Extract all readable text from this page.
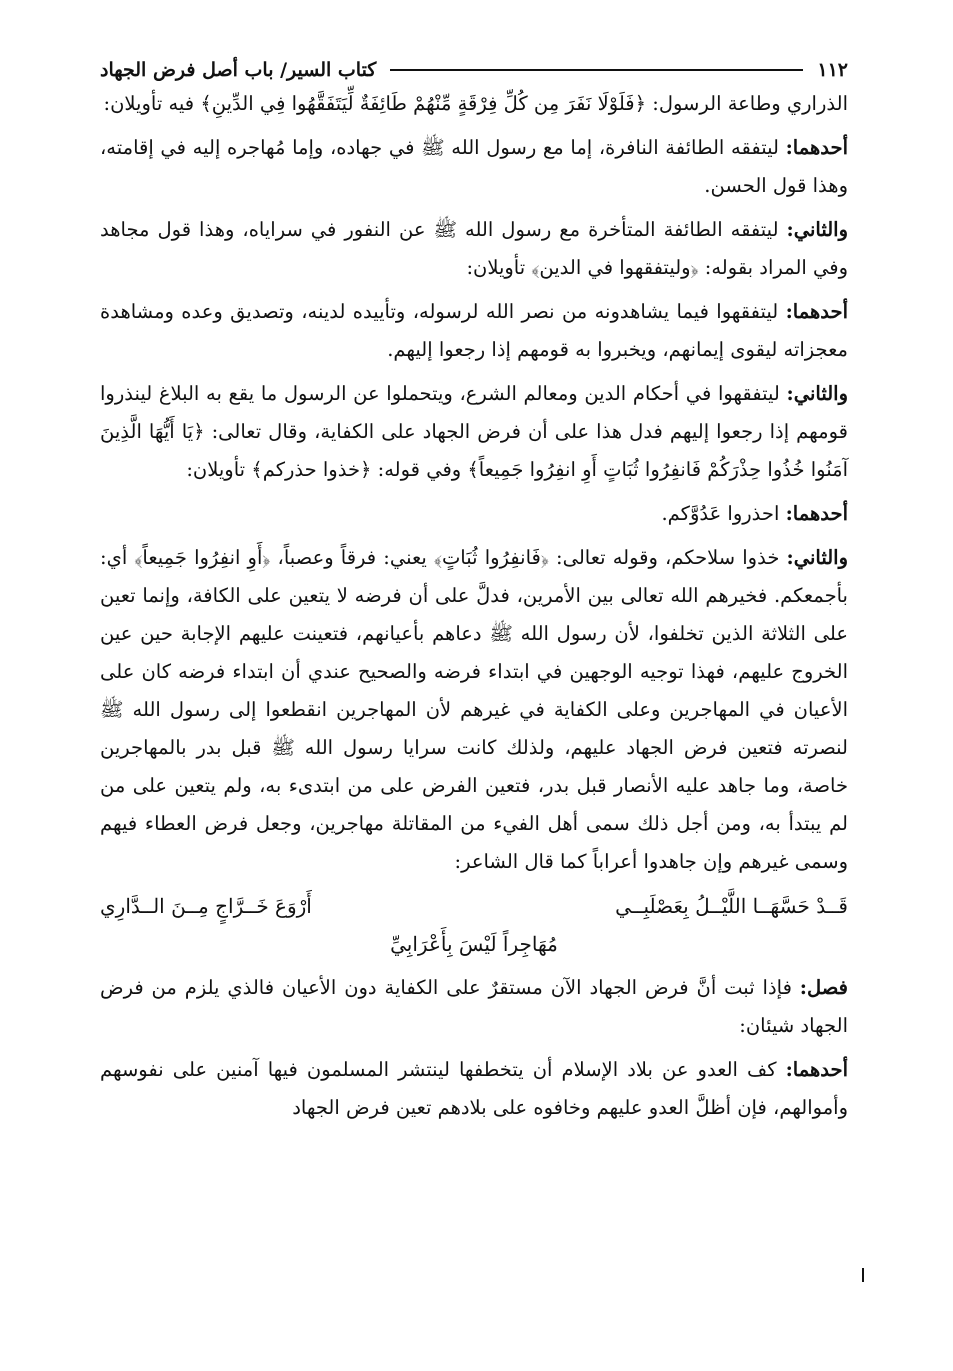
١١٢
كتاب السير/ باب أصل فرض الجهاد

الذراري وطاعة الرسول: ﴿فَلَوْلَا نَفَرَ مِن كُلِّ فِرْقَةٍ مِّنْهُمْ طَائِفَةٌ لِّيَتَفَقَّهُوا فِي الدِّينِ﴾ فيه تأويلان:

أحدهما: ليتفقه الطائفة النافرة، إما مع رسول الله ﷺ في جهاده، وإما مُهاجره إليه في إقامته، وهذا قول الحسن.

والثاني: ليتفقه الطائفة المتأخرة مع رسول الله ﷺ عن النفور في سراياه، وهذا قول مجاهد وفي المراد بقوله: ﴿وليتفقهوا في الدين﴾ تأويلان:

أحدهما: ليتفقهوا فيما يشاهدونه من نصر الله لرسوله، وتأييده لدينه، وتصديق وعده ومشاهدة معجزاته ليقوى إيمانهم، ويخبروا به قومهم إذا رجعوا إليهم.

والثاني: ليتفقهوا في أحكام الدين ومعالم الشرع، ويتحملوا عن الرسول ما يقع به البلاغ لينذروا قومهم إذا رجعوا إليهم فدل هذا على أن فرض الجهاد على الكفاية، وقال تعالى: ﴿يَا أَيُّهَا الَّذِينَ آمَنُوا خُذُوا حِذْرَكُمْ فَانفِرُوا ثُبَاتٍ أَوِ انفِرُوا جَمِيعاً﴾ وفي قوله: ﴿خذوا حذركم﴾ تأويلان:

أحدهما: احذروا عَدُوَّكم.

والثاني: خذوا سلاحكم، وقوله تعالى: ﴿فَانفِرُوا ثُبَاتٍ﴾ يعني: فرقاً وعصباً، ﴿أَوِ انفِرُوا جَمِيعاً﴾ أي: بأجمعكم. فخيرهم الله تعالى بين الأمرين، فدلَّ على أن فرضه لا يتعين على الكافة، وإنما تعين على الثلاثة الذين تخلفوا، لأن رسول الله ﷺ دعاهم بأعيانهم، فتعينت عليهم الإجابة حين عين الخروج عليهم، فهذا توجيه الوجهين في ابتداء فرضه والصحيح عندي أن ابتداء فرضه كان على الأعيان في المهاجرين وعلى الكفاية في غيرهم لأن المهاجرين انقطعوا إلى رسول الله ﷺ لنصرته فتعين فرض الجهاد عليهم، ولذلك كانت سرايا رسول الله ﷺ قبل بدر بالمهاجرين خاصة، وما جاهد عليه الأنصار قبل بدر، فتعين الفرض على من ابتدىء به، ولم يتعين على من لم يبتدأ به، ومن أجل ذلك سمى أهل الفيء من المقاتلة مهاجرين، وجعل فرض العطاء فيهم وسمى غيرهم وإن جاهدوا أعراباً كما قال الشاعر:

قَــدْ حَسَّهَــا اللَّيْــلُ بِعَصْلَبِــي
أَرْوَعَ خَــرَّاجٍ مِــنَ الــدَّارِي
مُهَاجِراً لَيْسَ بِأَعْرَابِيِّ

فصل: فإذا ثبت أنَّ فرض الجهاد الآن مستقرٌ على الكفاية دون الأعيان فالذي يلزم من فرض الجهاد شيئان:

أحدهما: كف العدو عن بلاد الإسلام أن يتخطفها لينتشر المسلمون فيها آمنين على نفوسهم وأموالهم، فإن أظلَّ العدو عليهم وخافوه على بلادهم تعين فرض الجهاد
